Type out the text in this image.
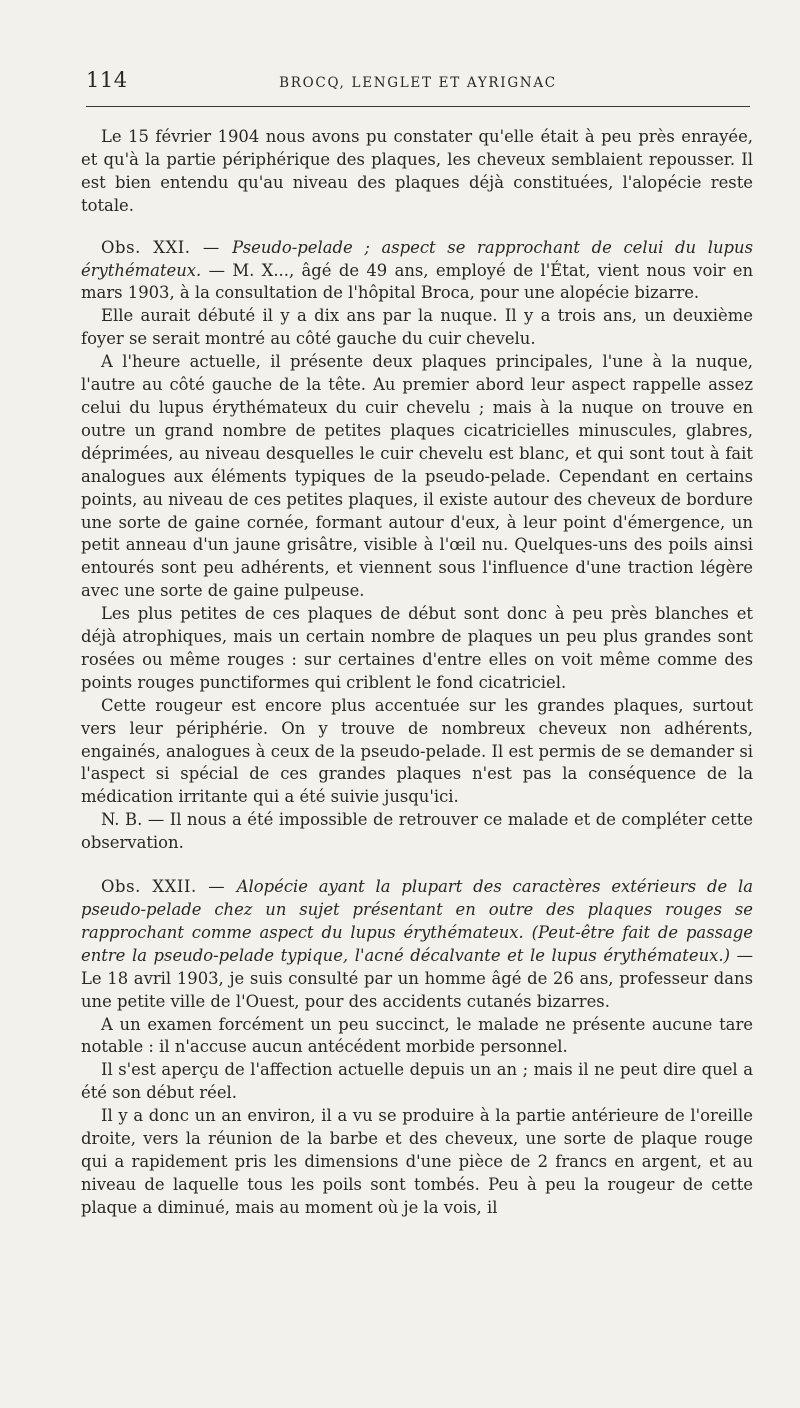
114	BROCQ, LENGLET ET AYRIGNAC

Le 15 février 1904 nous avons pu constater qu'elle était à peu près enrayée, et qu'à la partie périphérique des plaques, les cheveux semblaient repousser. Il est bien entendu qu'au niveau des plaques déjà constituées, l'alopécie reste totale.

Obs. XXI. — Pseudo-pelade ; aspect se rapprochant de celui du lupus érythémateux. — M. X..., âgé de 49 ans, employé de l'État, vient nous voir en mars 1903, à la consultation de l'hôpital Broca, pour une alopécie bizarre.

Elle aurait débuté il y a dix ans par la nuque. Il y a trois ans, un deuxième foyer se serait montré au côté gauche du cuir chevelu.

A l'heure actuelle, il présente deux plaques principales, l'une à la nuque, l'autre au côté gauche de la tête. Au premier abord leur aspect rappelle assez celui du lupus érythémateux du cuir chevelu ; mais à la nuque on trouve en outre un grand nombre de petites plaques cicatricielles minuscules, glabres, déprimées, au niveau desquelles le cuir chevelu est blanc, et qui sont tout à fait analogues aux éléments typiques de la pseudo-pelade. Cependant en certains points, au niveau de ces petites plaques, il existe autour des cheveux de bordure une sorte de gaine cornée, formant autour d'eux, à leur point d'émergence, un petit anneau d'un jaune grisâtre, visible à l'œil nu. Quelques-uns des poils ainsi entourés sont peu adhérents, et viennent sous l'influence d'une traction légère avec une sorte de gaine pulpeuse.

Les plus petites de ces plaques de début sont donc à peu près blanches et déjà atrophiques, mais un certain nombre de plaques un peu plus grandes sont rosées ou même rouges : sur certaines d'entre elles on voit même comme des points rouges punctiformes qui criblent le fond cicatriciel.

Cette rougeur est encore plus accentuée sur les grandes plaques, surtout vers leur périphérie. On y trouve de nombreux cheveux non adhérents, engainés, analogues à ceux de la pseudo-pelade. Il est permis de se demander si l'aspect si spécial de ces grandes plaques n'est pas la conséquence de la médication irritante qui a été suivie jusqu'ici.

N. B. — Il nous a été impossible de retrouver ce malade et de compléter cette observation.

Obs. XXII. — Alopécie ayant la plupart des caractères extérieurs de la pseudo-pelade chez un sujet présentant en outre des plaques rouges se rapprochant comme aspect du lupus érythémateux. (Peut-être fait de passage entre la pseudo-pelade typique, l'acné décalvante et le lupus érythémateux.) — Le 18 avril 1903, je suis consulté par un homme âgé de 26 ans, professeur dans une petite ville de l'Ouest, pour des accidents cutanés bizarres.

A un examen forcément un peu succinct, le malade ne présente aucune tare notable : il n'accuse aucun antécédent morbide personnel.

Il s'est aperçu de l'affection actuelle depuis un an ; mais il ne peut dire quel a été son début réel.

Il y a donc un an environ, il a vu se produire à la partie antérieure de l'oreille droite, vers la réunion de la barbe et des cheveux, une sorte de plaque rouge qui a rapidement pris les dimensions d'une pièce de 2 francs en argent, et au niveau de laquelle tous les poils sont tombés. Peu à peu la rougeur de cette plaque a diminué, mais au moment où je la vois, il
